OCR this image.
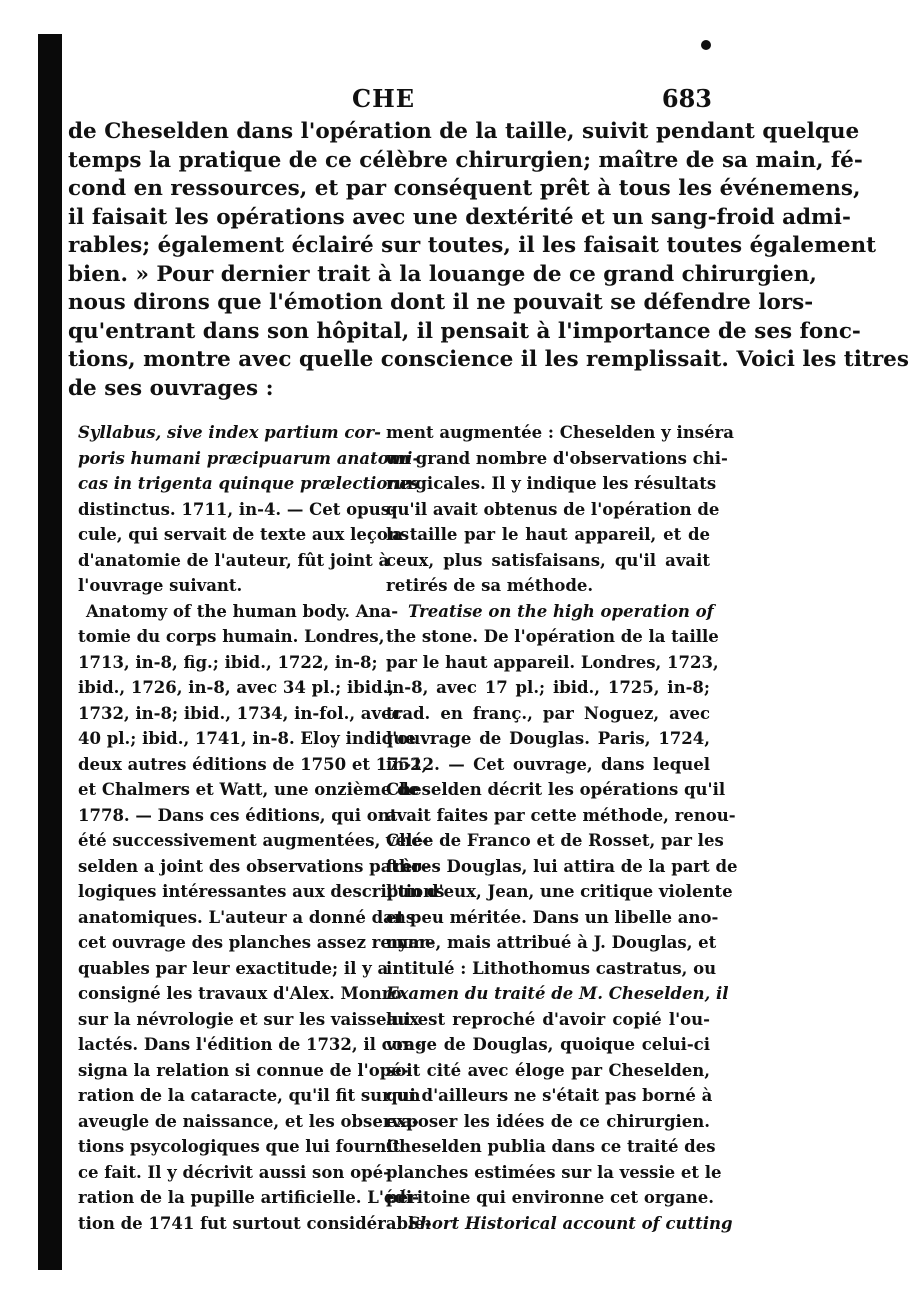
CHE	683
de Cheselden dans l'opération de la taille, suivit pendant quelque
temps la pratique de ce célèbre chirurgien; maître de sa main, fé-
cond en ressources, et par conséquent prêt à tous les événemens,
il faisait les opérations avec une dextérité et un sang-froid admi-
rables; également éclairé sur toutes, il les faisait toutes également
bien. » Pour dernier trait à la louange de ce grand chirurgien,
nous dirons que l'émotion dont il ne pouvait se défendre lors-
qu'entrant dans son hôpital, il pensait à l'importance de ses fonc-
tions, montre avec quelle conscience il les remplissait. Voici les titres
de ses ouvrages :
Syllabus, sive index partium cor-
poris humani præcipuarum anatomi-
cas in trigenta quinque prælectiones
distinctus. 1711, in-4. — Cet opus-
cule, qui servait de texte aux leçons
d'anatomie de l'auteur, fût joint à
l'ouvrage suivant.
Anatomy of the human body. Ana-
tomie du corps humain. Londres,
1713, in-8, fig.; ibid., 1722, in-8;
ibid., 1726, in-8, avec 34 pl.; ibid.,
1732, in-8; ibid., 1734, in-fol., avec
40 pl.; ibid., 1741, in-8. Eloy indique
deux autres éditions de 1750 et 1752,
et Chalmers et Watt, une onzième de
1778. — Dans ces éditions, qui ont
été successivement augmentées, Che-
selden a joint des observations patho-
logiques intéressantes aux descriptions
anatomiques. L'auteur a donné dans
cet ouvrage des planches assez remar-
quables par leur exactitude; il y a
consigné les travaux d'Alex. Monro
sur la névrologie et sur les vaisseaux
lactés. Dans l'édition de 1732, il con-
signa la relation si connue de l'opé-
ration de la cataracte, qu'il fit sur un
aveugle de naissance, et les observa-
tions psycologiques que lui fournit
ce fait. Il y décrivit aussi son opé-
ration de la pupille artificielle. L'édi-
tion de 1741 fut surtout considérable-
ment augmentée : Cheselden y inséra
un grand nombre d'observations chi-
rurgicales. Il y indique les résultats
qu'il avait obtenus de l'opération de
la taille par le haut appareil, et de
ceux, plus satisfaisans, qu'il avait
retirés de sa méthode.
Treatise on the high operation of
the stone. De l'opération de la taille
par le haut appareil. Londres, 1723,
in-8, avec 17 pl.; ibid., 1725, in-8;
trad. en franç., par Noguez, avec
l'ouvrage de Douglas. Paris, 1724,
in-12. — Cet ouvrage, dans lequel
Cheselden décrit les opérations qu'il
avait faites par cette méthode, renou-
velée de Franco et de Rosset, par les
frères Douglas, lui attira de la part de
l'un d'eux, Jean, une critique violente
et peu méritée. Dans un libelle ano-
nyme, mais attribué à J. Douglas, et
intitulé : Lithothomus castratus, ou
Examen du traité de M. Cheselden, il
lui est reproché d'avoir copié l'ou-
vrage de Douglas, quoique celui-ci
soit cité avec éloge par Cheselden,
qui d'ailleurs ne s'était pas borné à
exposer les idées de ce chirurgien.
Cheselden publia dans ce traité des
planches estimées sur la vessie et le
péritoine qui environne cet organe.
Short Historical account of cutting
